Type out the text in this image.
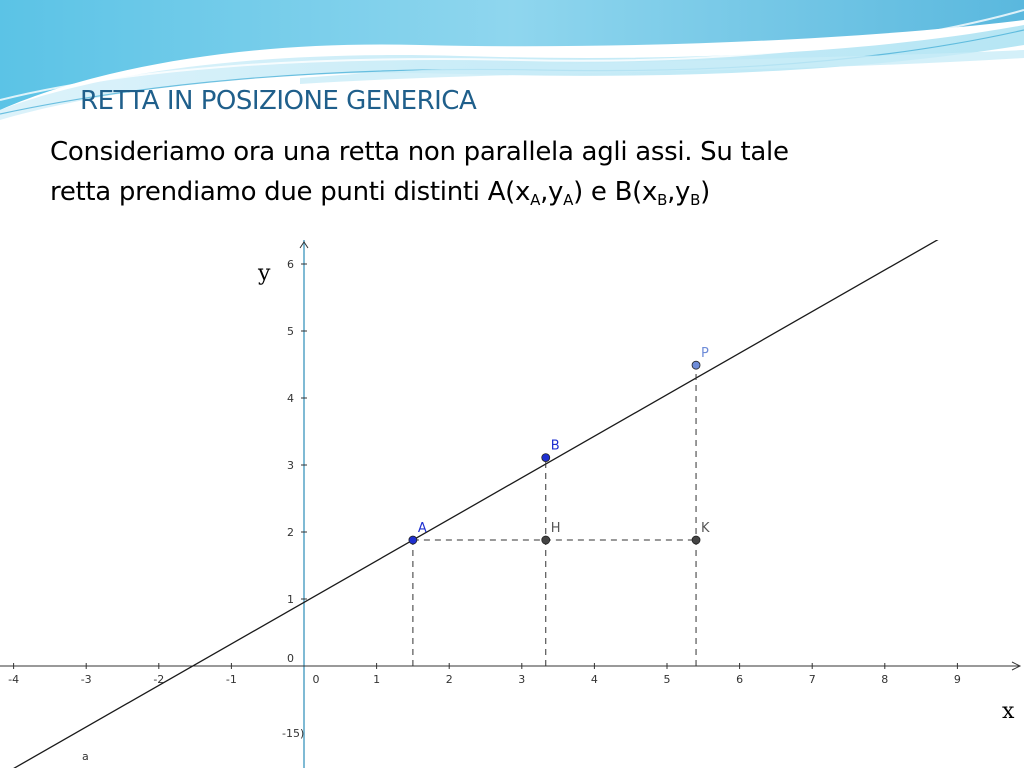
RETTA IN POSIZIONE GENERICA
Consideriamo ora una retta non parallela agli assi. Su tale
retta prendiamo due punti distinti $A(x_A,y_A)$ e $B(x_B,y_B)$
-4	-3	-2	-1	0	1	2	3	4	5	6	7	8	9
1
2
3
4
5
6
0
-15)
y
x
a
A
B
P
H	K
